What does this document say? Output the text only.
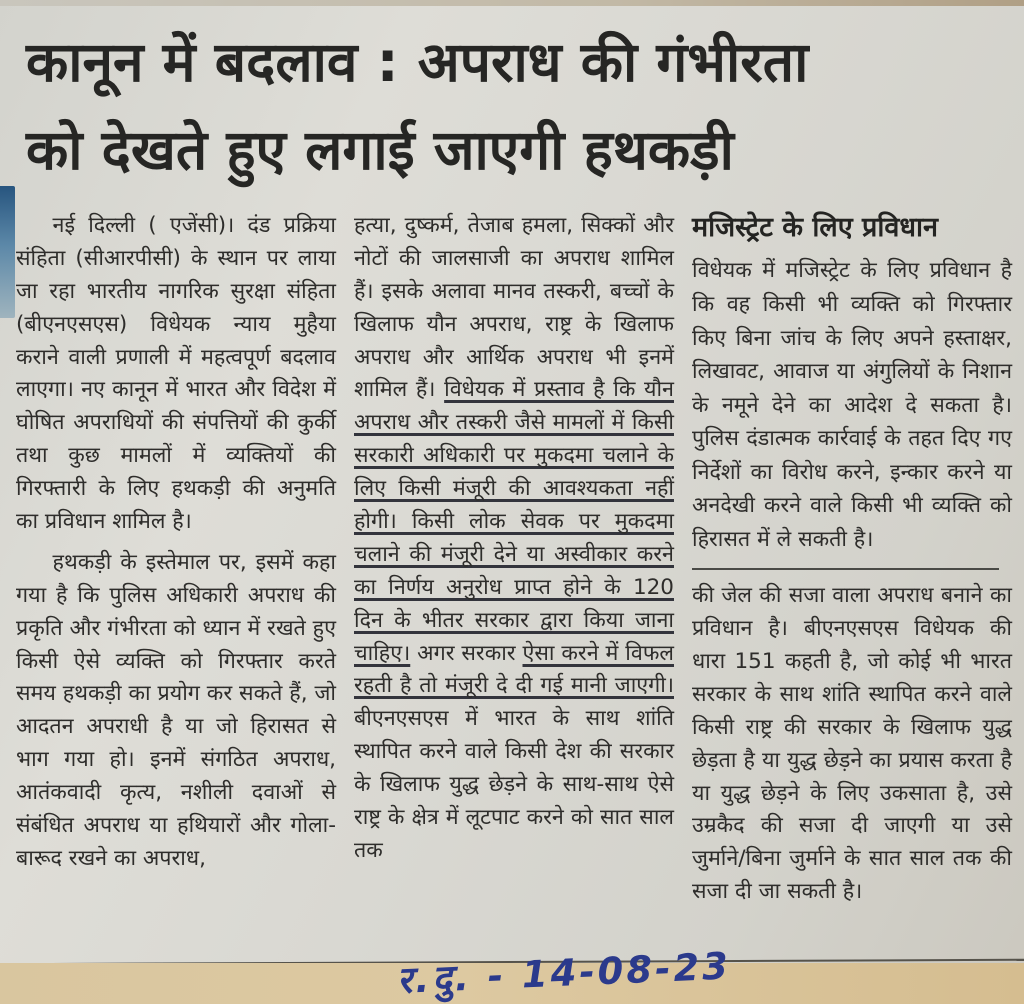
कानून में बदलाव : अपराध की गंभीरता
को देखते हुए लगाई जाएगी हथकड़ी

नई दिल्ली ( एजेंसी)। दंड प्रक्रिया संहिता (सीआरपीसी) के स्थान पर लाया जा रहा भारतीय नागरिक सुरक्षा संहिता (बीएनएसएस) विधेयक न्याय मुहैया कराने वाली प्रणाली में महत्वपूर्ण बदलाव लाएगा। नए कानून में भारत और विदेश में घोषित अपराधियों की संपत्तियों की कुर्की तथा कुछ मामलों में व्यक्तियों की गिरफ्तारी के लिए हथकड़ी की अनुमति का प्रविधान शामिल है।

हथकड़ी के इस्तेमाल पर, इसमें कहा गया है कि पुलिस अधिकारी अपराध की प्रकृति और गंभीरता को ध्यान में रखते हुए किसी ऐसे व्यक्ति को गिरफ्तार करते समय हथकड़ी का प्रयोग कर सकते हैं, जो आदतन अपराधी है या जो हिरासत से भाग गया हो। इनमें संगठित अपराध, आतंकवादी कृत्य, नशीली दवाओं से संबंधित अपराध या हथियारों और गोला-बारूद रखने का अपराध,

हत्या, दुष्कर्म, तेजाब हमला, सिक्कों और नोटों की जालसाजी का अपराध शामिल हैं। इसके अलावा मानव तस्करी, बच्चों के खिलाफ यौन अपराध, राष्ट्र के खिलाफ अपराध और आर्थिक अपराध भी इनमें शामिल हैं। विधेयक में प्रस्ताव है कि यौन अपराध और तस्करी जैसे मामलों में किसी सरकारी अधिकारी पर मुकदमा चलाने के लिए किसी मंजूरी की आवश्यकता नहीं होगी। किसी लोक सेवक पर मुकदमा चलाने की मंजूरी देने या अस्वीकार करने का निर्णय अनुरोध प्राप्त होने के 120 दिन के भीतर सरकार द्वारा किया जाना चाहिए। अगर सरकार ऐसा करने में विफल रहती है तो मंजूरी दे दी गई मानी जाएगी। बीएनएसएस में भारत के साथ शांति स्थापित करने वाले किसी देश की सरकार के खिलाफ युद्ध छेड़ने के साथ-साथ ऐसे राष्ट्र के क्षेत्र में लूटपाट करने को सात साल तक

मजिस्ट्रेट के लिए प्रविधान

विधेयक में मजिस्ट्रेट के लिए प्रविधान है कि वह किसी भी व्यक्ति को गिरफ्तार किए बिना जांच के लिए अपने हस्ताक्षर, लिखावट, आवाज या अंगुलियों के निशान के नमूने देने का आदेश दे सकता है। पुलिस दंडात्मक कार्रवाई के तहत दिए गए निर्देशों का विरोध करने, इन्कार करने या अनदेखी करने वाले किसी भी व्यक्ति को हिरासत में ले सकती है।

की जेल की सजा वाला अपराध बनाने का प्रविधान है। बीएनएसएस विधेयक की धारा 151 कहती है, जो कोई भी भारत सरकार के साथ शांति स्थापित करने वाले किसी राष्ट्र की सरकार के खिलाफ युद्ध छेड़ता है या युद्ध छेड़ने का प्रयास करता है या युद्ध छेड़ने के लिए उकसाता है, उसे उम्रकैद की सजा दी जाएगी या उसे जुर्माने/बिना जुर्माने के सात साल तक की सजा दी जा सकती है।

र.दु. - 14-08-23
